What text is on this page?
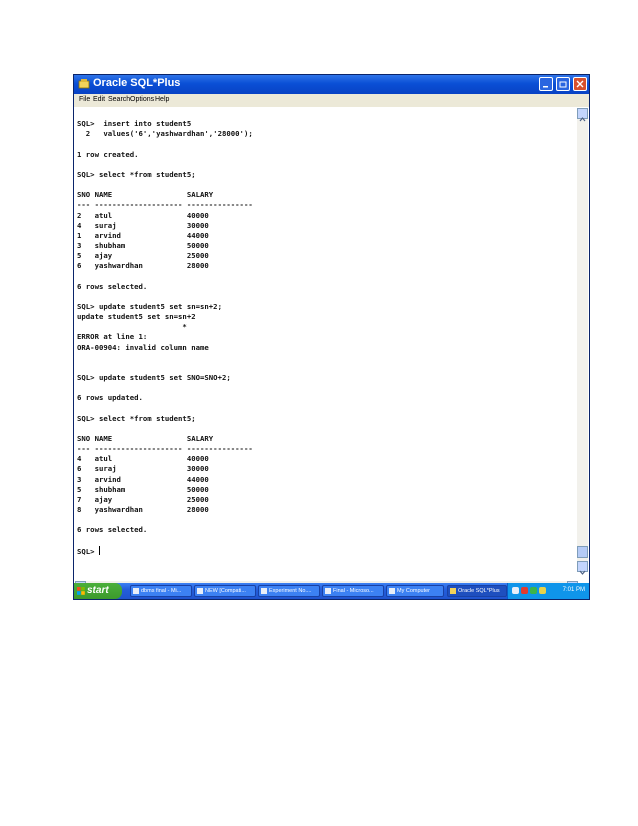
Oracle SQL*Plus
File Edit Search Options Help

SQL>  insert into student5
2   values('6','yashwardhan','28000');

1 row created.

SQL> select *from student5;

SNO NAME                 SALARY
--- -------------------- ---------------
2   atul                 40000
4   suraj                30000
1   arvind               44000
3   shubham              50000
5   ajay                 25000
6   yashwardhan          28000

6 rows selected.

SQL> update student5 set sn=sn+2;
update student5 set sn=sn+2
*
ERROR at line 1:
ORA-00904: invalid column name

SQL> update student5 set SNO=SNO+2;

6 rows updated.

SQL> select *from student5;

SNO NAME                 SALARY
--- -------------------- ---------------
4   atul                 40000
6   suraj                30000
3   arvind               44000
5   shubham              50000
7   ajay                 25000
8   yashwardhan          28000

6 rows selected.

SQL>

start	dbms final - Mi...	NEW [Compati...	Experiment No....	Final - Microso...	My Computer	Oracle SQL*Plus	7:01 PM
